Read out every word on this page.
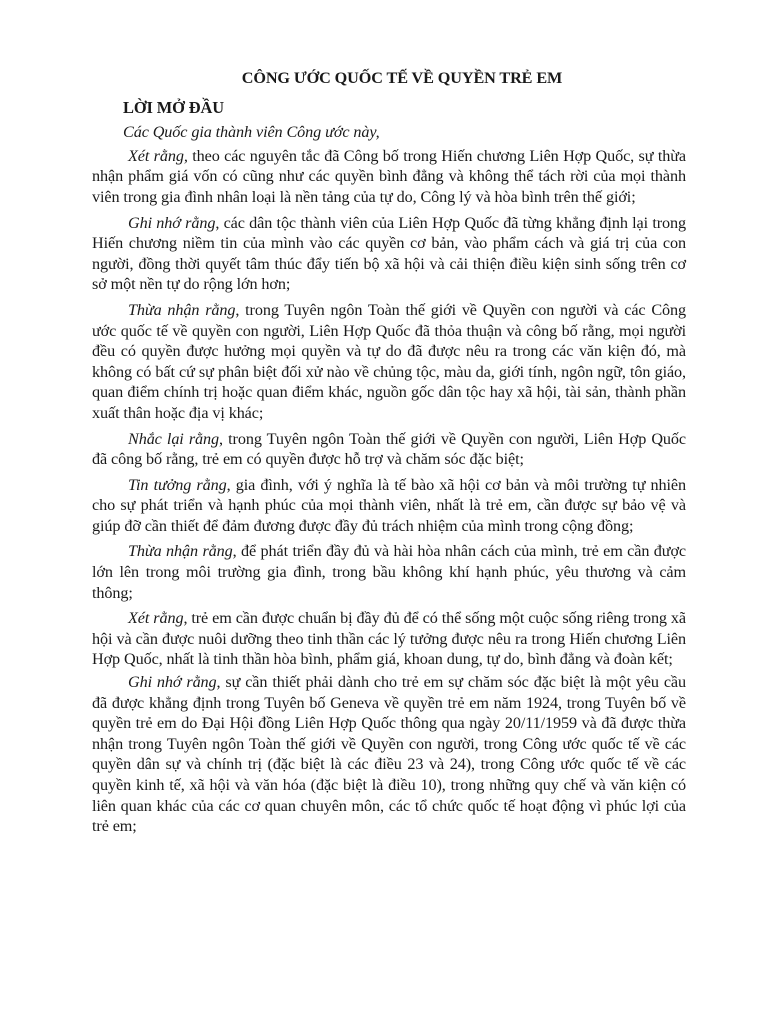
CÔNG ƯỚC QUỐC TẾ VỀ QUYỀN TRẺ EM
LỜI MỞ ĐẦU
Các Quốc gia thành viên Công ước này,

Xét rằng, theo các nguyên tắc đã Công bố trong Hiến chương Liên Hợp Quốc, sự thừa nhận phẩm giá vốn có cũng như các quyền bình đẳng và không thể tách rời của mọi thành viên trong gia đình nhân loại là nền tảng của tự do, Công lý và hòa bình trên thế giới;

Ghi nhớ rằng, các dân tộc thành viên của Liên Hợp Quốc đã từng khẳng định lại trong Hiến chương niềm tin của mình vào các quyền cơ bản, vào phẩm cách và giá trị của con người, đồng thời quyết tâm thúc đẩy tiến bộ xã hội và cải thiện điều kiện sinh sống trên cơ sở một nền tự do rộng lớn hơn;

Thừa nhận rằng, trong Tuyên ngôn Toàn thế giới về Quyền con người và các Công ước quốc tế về quyền con người, Liên Hợp Quốc đã thỏa thuận và công bố rằng, mọi người đều có quyền được hưởng mọi quyền và tự do đã được nêu ra trong các văn kiện đó, mà không có bất cứ sự phân biệt đối xử nào về chủng tộc, màu da, giới tính, ngôn ngữ, tôn giáo, quan điểm chính trị hoặc quan điểm khác, nguồn gốc dân tộc hay xã hội, tài sản, thành phần xuất thân hoặc địa vị khác;

Nhắc lại rằng, trong Tuyên ngôn Toàn thế giới về Quyền con người, Liên Hợp Quốc đã công bố rằng, trẻ em có quyền được hỗ trợ và chăm sóc đặc biệt;

Tin tưởng rằng, gia đình, với ý nghĩa là tế bào xã hội cơ bản và môi trường tự nhiên cho sự phát triển và hạnh phúc của mọi thành viên, nhất là trẻ em, cần được sự bảo vệ và giúp đỡ cần thiết để đảm đương được đầy đủ trách nhiệm của mình trong cộng đồng;

Thừa nhận rằng, để phát triển đầy đủ và hài hòa nhân cách của mình, trẻ em cần được lớn lên trong môi trường gia đình, trong bầu không khí hạnh phúc, yêu thương và cảm thông;

Xét rằng, trẻ em cần được chuẩn bị đầy đủ để có thể sống một cuộc sống riêng trong xã hội và cần được nuôi dưỡng theo tinh thần các lý tưởng được nêu ra trong Hiến chương Liên Hợp Quốc, nhất là tinh thần hòa bình, phẩm giá, khoan dung, tự do, bình đẳng và đoàn kết;

Ghi nhớ rằng, sự cần thiết phải dành cho trẻ em sự chăm sóc đặc biệt là một yêu cầu đã được khẳng định trong Tuyên bố Geneva về quyền trẻ em năm 1924, trong Tuyên bố về quyền trẻ em do Đại Hội đồng Liên Hợp Quốc thông qua ngày 20/11/1959 và đã được thừa nhận trong Tuyên ngôn Toàn thế giới về Quyền con người, trong Công ước quốc tế về các quyền dân sự và chính trị (đặc biệt là các điều 23 và 24), trong Công ước quốc tế về các quyền kinh tế, xã hội và văn hóa (đặc biệt là điều 10), trong những quy chế và văn kiện có liên quan khác của các cơ quan chuyên môn, các tổ chức quốc tế hoạt động vì phúc lợi của trẻ em;
